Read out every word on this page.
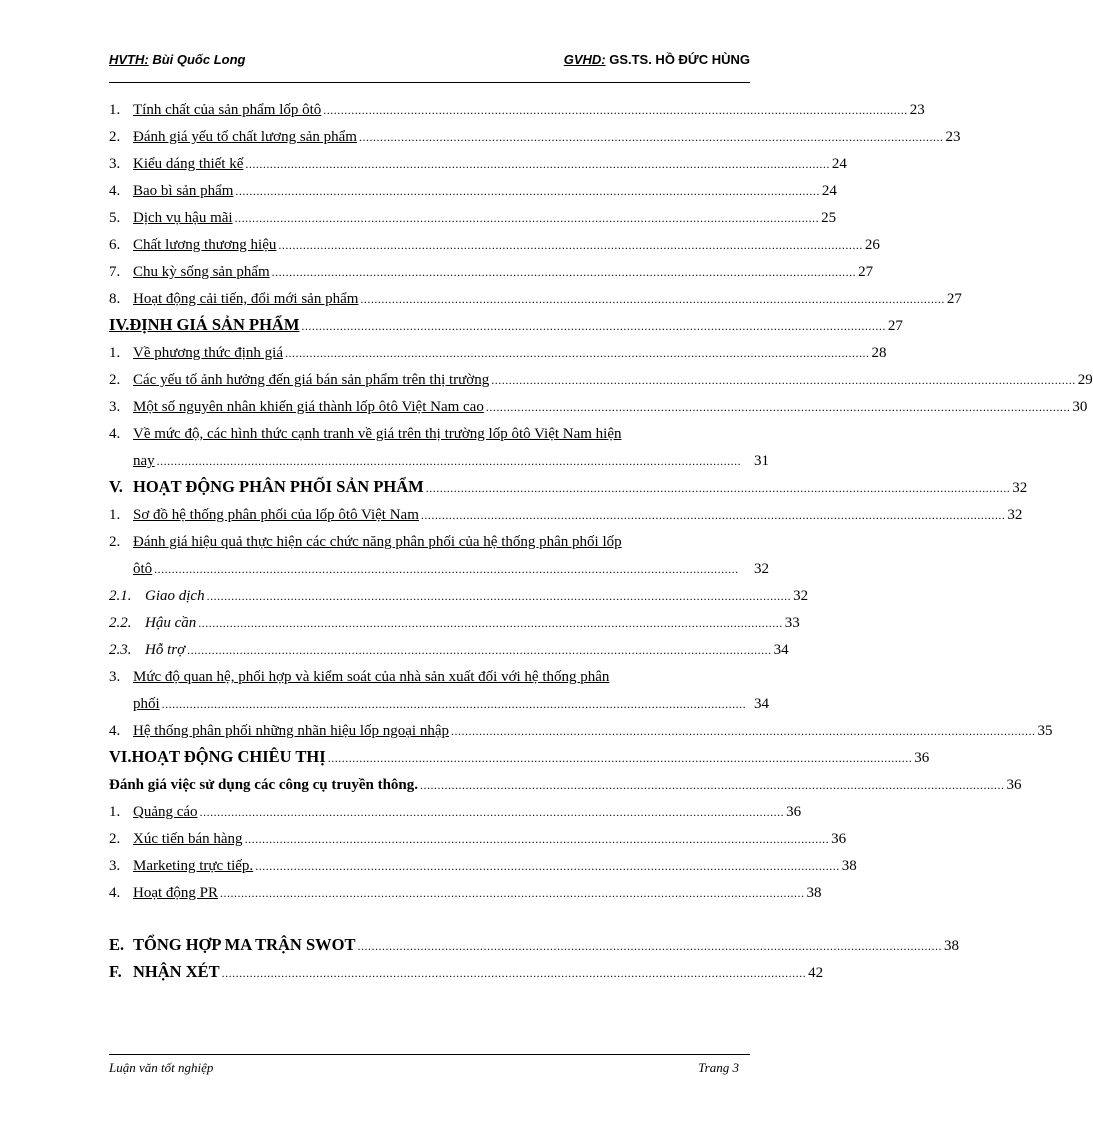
HVTH: Bùi Quốc Long	GVHD: GS.TS. HỒ ĐỨC HÙNG
1. Tính chất của sản phẩm lốp ôtô ....................................................................................................................................................................... 23
2. Đánh giá yếu tố chất lương sản phẩm ....................................................................................................................................................................... 23
3. Kiểu dáng thiết kế ....................................................................................................................................................................... 24
4. Bao bì sản phẩm ....................................................................................................................................................................... 24
5. Dịch vụ hậu mãi ....................................................................................................................................................................... 25
6. Chất lương thương hiệu ....................................................................................................................................................................... 26
7. Chu kỳ sống sản phẩm ....................................................................................................................................................................... 27
8. Hoạt động cải tiến, đổi mới sản phẩm ....................................................................................................................................................................... 27
IV. ĐỊNH GIÁ SẢN PHẨM ....................................................................................................................................................................... 27
1. Về phương thức định giá ....................................................................................................................................................................... 28
2. Các yếu tố ảnh hưởng đến giá bán sản phẩm trên thị trường ....................................................................................................................................................................... 29
3. Một số nguyên nhân khiến giá thành lốp ôtô Việt Nam cao ....................................................................................................................................................................... 30
4. Về mức độ, các hình thức cạnh tranh về giá trên thị trường lốp ôtô Việt Nam hiện
nay ....................................................................................................................................................................... 31
V. HOẠT ĐỘNG PHÂN PHỐI SẢN PHẨM ....................................................................................................................................................................... 32
1. Sơ đồ hệ thống phân phối của lốp ôtô Việt Nam ....................................................................................................................................................................... 32
2. Đánh giá hiệu quả thực hiện các chức năng phân phối của hệ thống phân phối lốp
ôtô .......................................................................................................................................................................	32
2.1. Giao dịch ....................................................................................................................................................................... 32
2.2. Hậu cần ....................................................................................................................................................................... 33
2.3. Hỗ trợ ....................................................................................................................................................................... 34
3. Mức độ quan hệ, phối hợp và kiểm soát của nhà sản xuất đối với hệ thống phân
phối ....................................................................................................................................................................... 34
4. Hệ thống phân phối những nhãn hiệu lốp ngoại nhập ....................................................................................................................................................................... 35
VI. HOẠT ĐỘNG CHIÊU THỊ ....................................................................................................................................................................... 36
Đánh giá việc sử dụng các công cụ truyền thông. ....................................................................................................................................................................... 36
1. Quảng cáo ....................................................................................................................................................................... 36
2. Xúc tiến bán hàng ....................................................................................................................................................................... 36
3. Marketing trực tiếp. ....................................................................................................................................................................... 38
4. Hoạt động PR ....................................................................................................................................................................... 38
E. TỔNG HỢP MA TRẬN SWOT ....................................................................................................................................................................... 38
F. NHẬN XÉT ....................................................................................................................................................................... 42
Luận văn tốt nghiệp	Trang 3
